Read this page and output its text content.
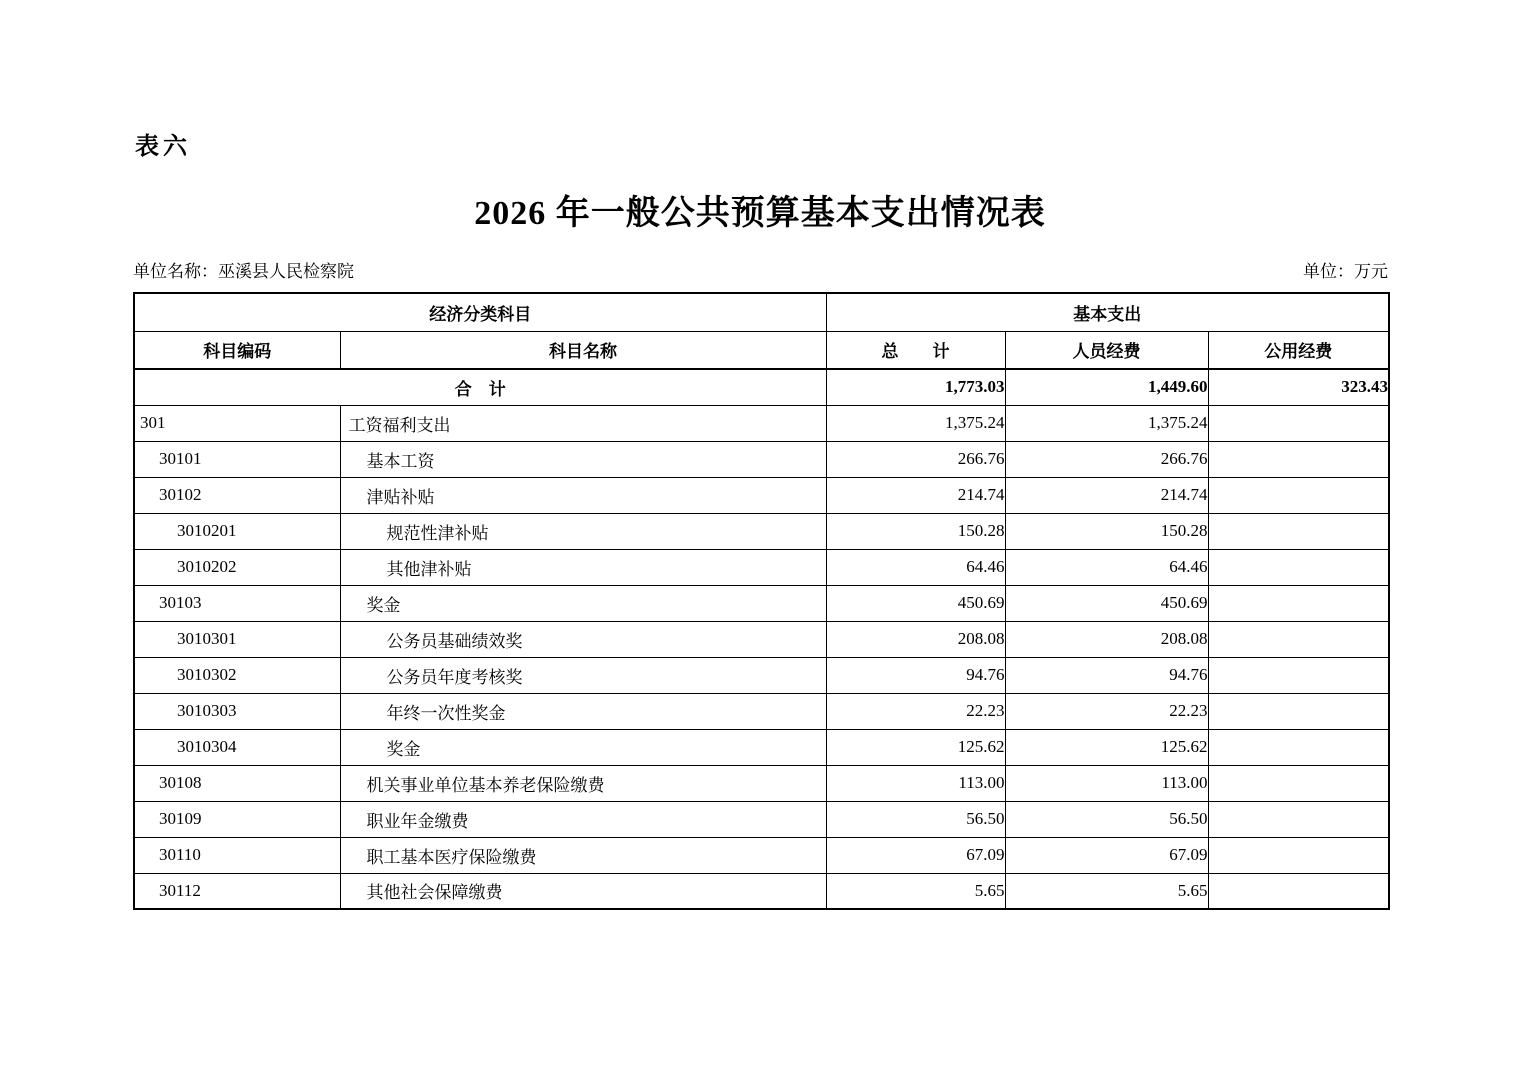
表六
2026 年一般公共预算基本支出情况表
单位名称：巫溪县人民检察院	单位：万元
经济分类科目		基本支出		
科目编码	科目名称	总　　计	人员经费	公用经费
合　计		1,773.03	1,449.60	323.43
301	工资福利支出	1,375.24	1,375.24	
30101	基本工资	266.76	266.76	
30102	津贴补贴	214.74	214.74	
3010201	规范性津补贴	150.28	150.28	
3010202	其他津补贴	64.46	64.46	
30103	奖金	450.69	450.69	
3010301	公务员基础绩效奖	208.08	208.08	
3010302	公务员年度考核奖	94.76	94.76	
3010303	年终一次性奖金	22.23	22.23	
3010304	奖金	125.62	125.62	
30108	机关事业单位基本养老保险缴费	113.00	113.00	
30109	职业年金缴费	56.50	56.50	
30110	职工基本医疗保险缴费	67.09	67.09	
30112	其他社会保障缴费	5.65	5.65	
